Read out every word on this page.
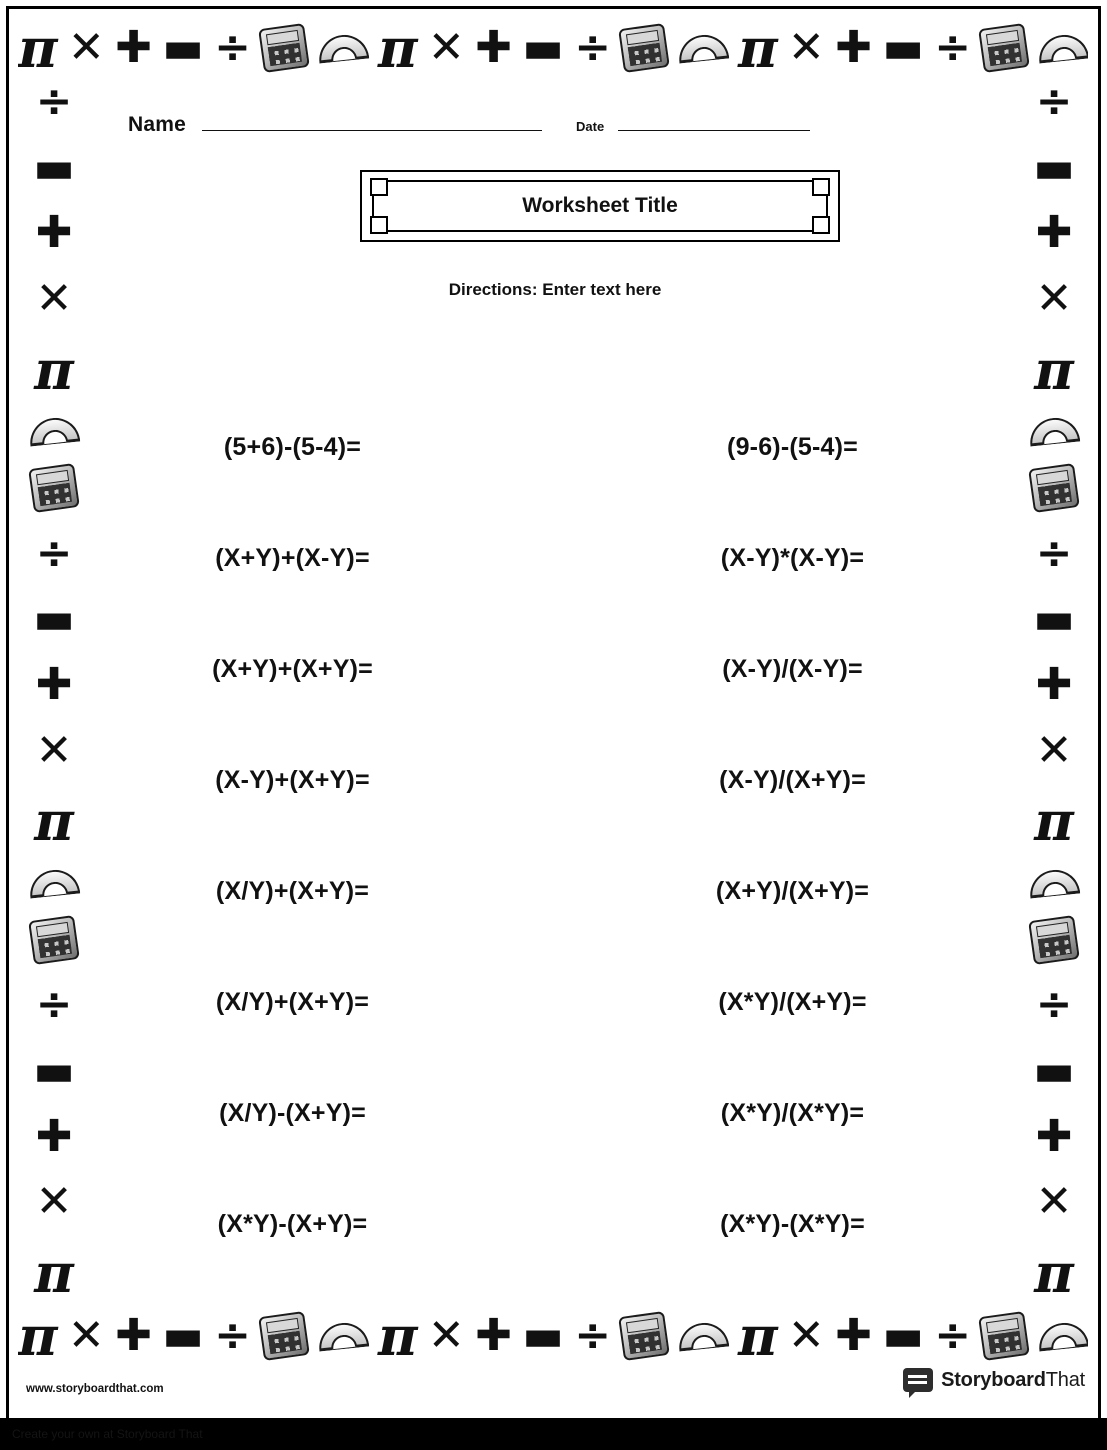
π ✕ ✚ ▬ ÷ π ✕ ✚ ▬ ÷ π ✕ ✚ ▬ ÷
π ✕ ✚ ▬ ÷ π ✕ ✚ ▬ ÷ π ✕ ✚ ▬ ÷
÷
▬
✚
✕
π
÷
▬
✚
✕
π
÷
▬
✚
✕
π
÷
▬
✚
✕
π
÷
▬
✚
✕
π
÷
▬
✚
✕
π
Name	Date
Worksheet Title
Directions: Enter text here
(5+6)-(5-4)=	(9-6)-(5-4)=
(X+Y)+(X-Y)=	(X-Y)*(X-Y)=
(X+Y)+(X+Y)=	(X-Y)/(X-Y)=
(X-Y)+(X+Y)=	(X-Y)/(X+Y)=
(X/Y)+(X+Y)=	(X+Y)/(X+Y)=
(X/Y)+(X+Y)=	(X*Y)/(X+Y)=
(X/Y)-(X+Y)=	(X*Y)/(X*Y)=
(X*Y)-(X+Y)=	(X*Y)-(X*Y)=
www.storyboardthat.com	StoryboardThat
Create your own at Storyboard That
